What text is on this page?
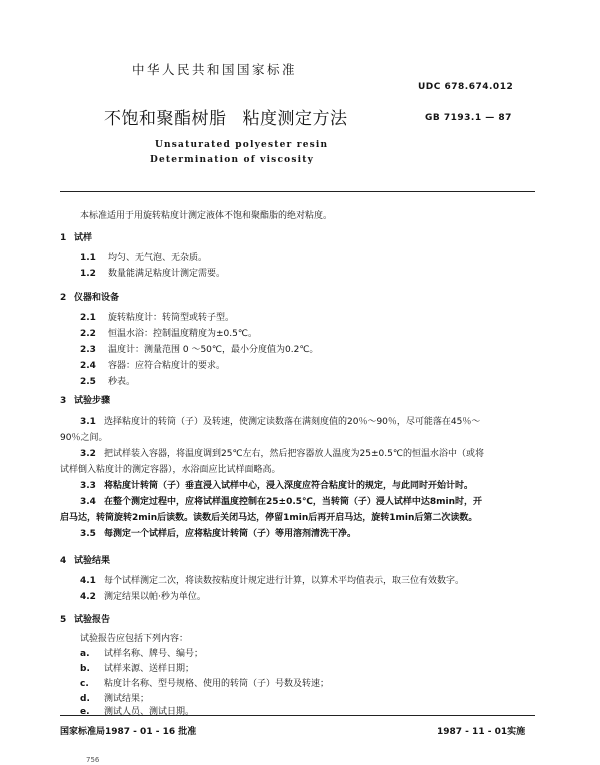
中华人民共和国国家标准
UDC 678.674.012
不饱和聚酯树脂 粘度测定方法	GB 7193.1 — 87
Unsaturated polyester resin
Determination of viscosity
本标准适用于用旋转粘度计测定液体不饱和聚酯脂的绝对粘度。
1 试样
1.1 均匀、无气泡、无杂质。
1.2 数量能满足粘度计测定需要。
2 仪器和设备
2.1 旋转粘度计：转筒型或转子型。
2.2 恒温水浴：控制温度精度为±0.5℃。
2.3 温度计：测量范围 0 ～50℃，最小分度值为0.2℃。
2.4 容器：应符合粘度计的要求。
2.5 秒表。
3 试验步骤
3.1 选择粘度计的转筒（子）及转速，使测定读数落在满刻度值的20％～90％，尽可能落在45％～
90％之间。
3.2 把试样装入容器，将温度调到25℃左右，然后把容器放人温度为25±0.5℃的恒温水浴中（或将
试样倒入粘度计的测定容器），水浴面应比试样面略高。
3.3 将粘度计转筒（子）垂直浸入试样中心，浸入深度应符合粘度计的规定，与此同时开始计时。
3.4 在整个测定过程中，应将试样温度控制在25±0.5℃，当转筒（子）浸人试样中达8min时，开
启马达，转筒旋转2min后读数。读数后关闭马达，停留1min后再开启马达，旋转1min后第二次读数。
3.5 每测定一个试样后，应将粘度计转筒（子）等用溶剂清洗干净。
4 试验结果
4.1 每个试样测定二次，将读数按粘度计规定进行计算，以算术平均值表示，取三位有效数字。
4.2 测定结果以帕·秒为单位。
5 试验报告
试验报告应包括下列内容：
a. 试样名称、牌号、编号；
b. 试样来源、送样日期；
c. 粘度计名称、型号规格、使用的转筒（子）号数及转速；
d. 测试结果；
e. 测试人员、测试日期。
国家标准局1987 - 01 - 16 批准	1987 - 11 - 01实施
756
